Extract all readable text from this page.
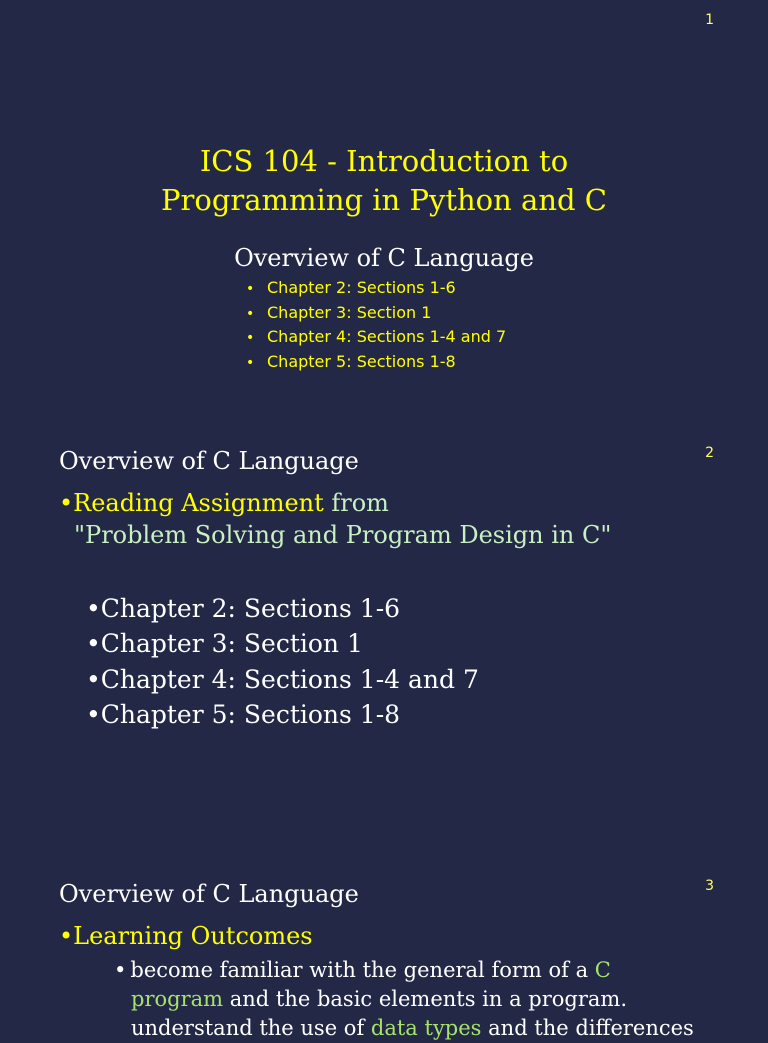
1
ICS 104 - Introduction to
Programming in Python and C
Overview of C Language
• Chapter 2: Sections 1-6
• Chapter 3: Section 1
• Chapter 4: Sections 1-4 and 7
• Chapter 5: Sections 1-8
2
Overview of C Language
•Reading Assignment from
"Problem Solving and Program Design in C"
•Chapter 2: Sections 1-6
•Chapter 3: Section 1
•Chapter 4: Sections 1-4 and 7
•Chapter 5: Sections 1-8
3
Overview of C Language
•Learning Outcomes
• become familiar with the general form of a C
program and the basic elements in a program.
understand the use of data types and the differences
